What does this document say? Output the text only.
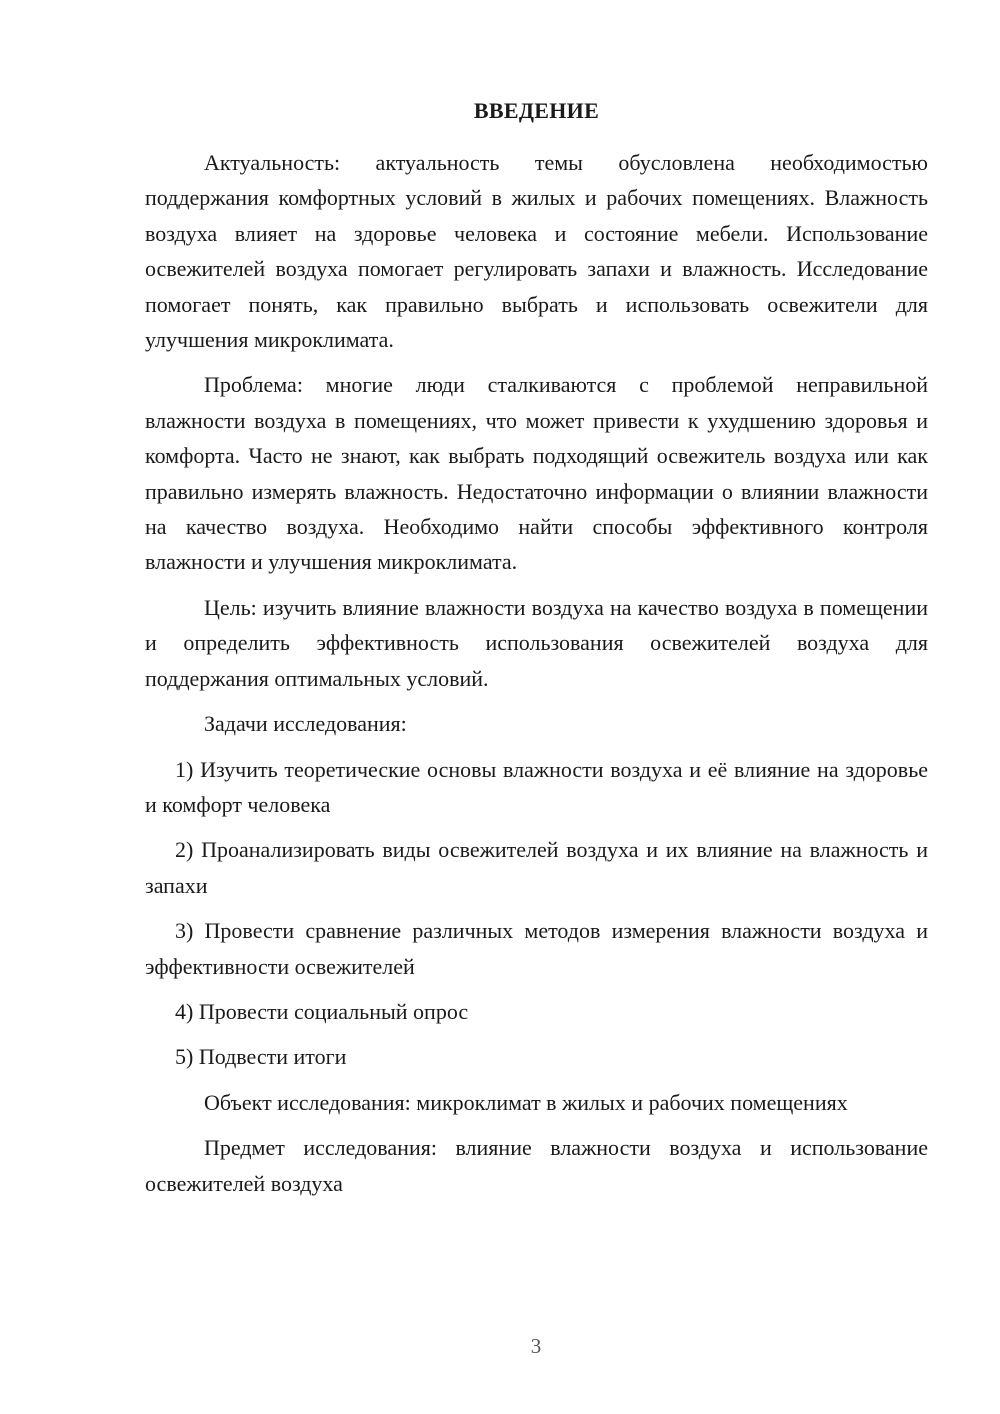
ВВЕДЕНИЕ

Актуальность: актуальность темы обусловлена необходимостью поддержания комфортных условий в жилых и рабочих помещениях. Влажность воздуха влияет на здоровье человека и состояние мебели. Использование освежителей воздуха помогает регулировать запахи и влажность. Исследование помогает понять, как правильно выбрать и использовать освежители для улучшения микроклимата.

Проблема: многие люди сталкиваются с проблемой неправильной влажности воздуха в помещениях, что может привести к ухудшению здоровья и комфорта. Часто не знают, как выбрать подходящий освежитель воздуха или как правильно измерять влажность. Недостаточно информации о влиянии влажности на качество воздуха. Необходимо найти способы эффективного контроля влажности и улучшения микроклимата.

Цель: изучить влияние влажности воздуха на качество воздуха в помещении и определить эффективность использования освежителей воздуха для поддержания оптимальных условий.

Задачи исследования:

1) Изучить теоретические основы влажности воздуха и её влияние на здоровье и комфорт человека

2) Проанализировать виды освежителей воздуха и их влияние на влажность и запахи

3) Провести сравнение различных методов измерения влажности воздуха и эффективности освежителей

4) Провести социальный опрос

5) Подвести итоги

Объект исследования: микроклимат в жилых и рабочих помещениях

Предмет исследования: влияние влажности воздуха и использование освежителей воздуха

3
